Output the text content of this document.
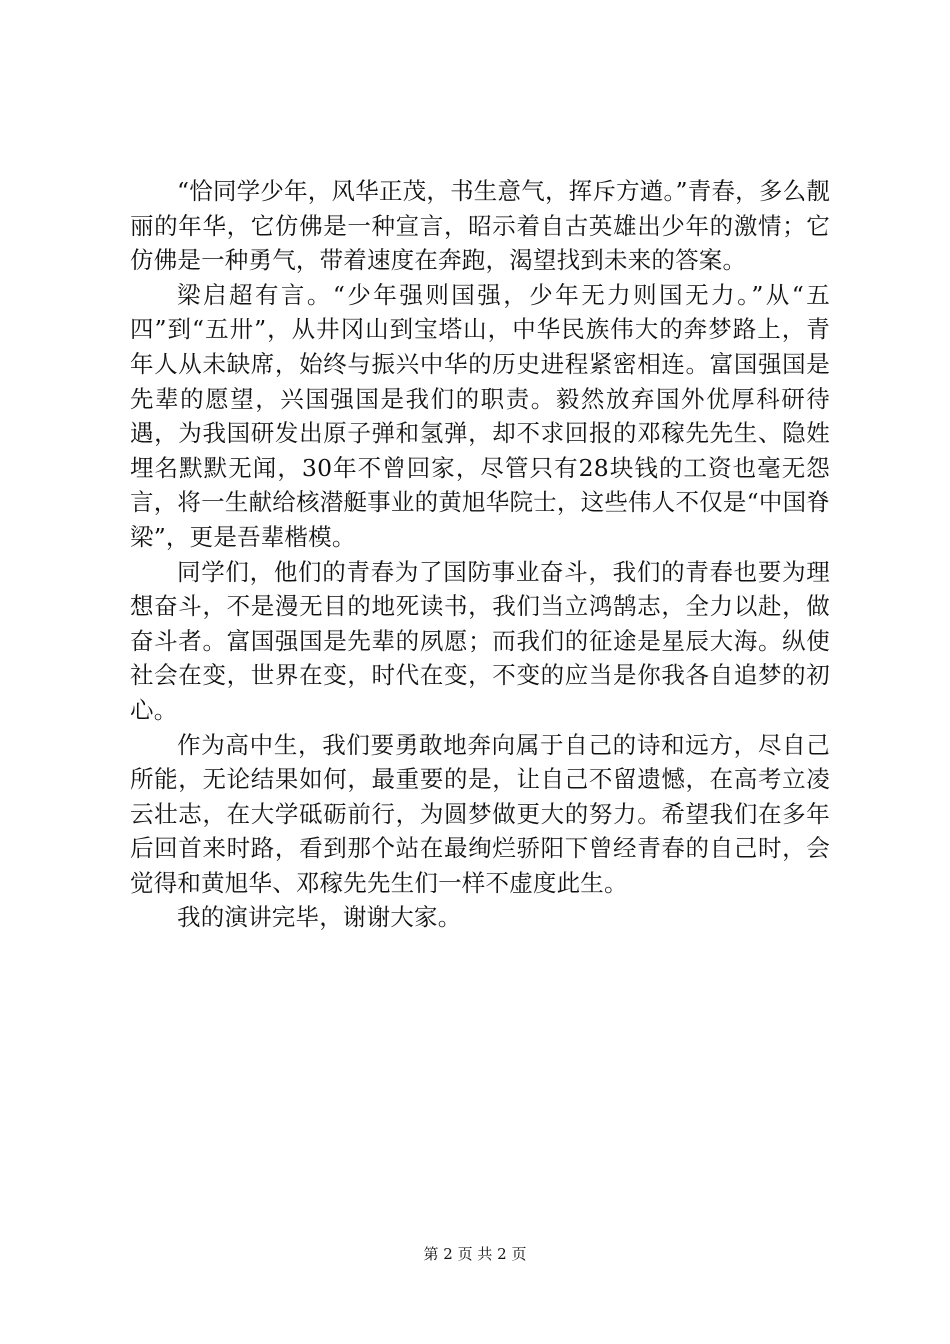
“恰同学少年，风华正茂，书生意气，挥斥方遒。”青春，多么靓丽的年华，它仿佛是一种宣言，昭示着自古英雄出少年的激情；它仿佛是一种勇气，带着速度在奔跑，渴望找到未来的答案。

梁启超有言。“少年强则国强，少年无力则国无力。”从“五四”到“五卅”，从井冈山到宝塔山，中华民族伟大的奔梦路上，青年人从未缺席，始终与振兴中华的历史进程紧密相连。富国强国是先辈的愿望，兴国强国是我们的职责。毅然放弃国外优厚科研待遇，为我国研发出原子弹和氢弹，却不求回报的邓稼先先生、隐姓埋名默默无闻，30年不曾回家，尽管只有28块钱的工资也毫无怨言，将一生献给核潜艇事业的黄旭华院士，这些伟人不仅是“中国脊梁”，更是吾辈楷模。

同学们，他们的青春为了国防事业奋斗，我们的青春也要为理想奋斗，不是漫无目的地死读书，我们当立鸿鹄志，全力以赴，做奋斗者。富国强国是先辈的夙愿；而我们的征途是星辰大海。纵使社会在变，世界在变，时代在变，不变的应当是你我各自追梦的初心。

作为高中生，我们要勇敢地奔向属于自己的诗和远方，尽自己所能，无论结果如何，最重要的是，让自己不留遗憾，在高考立凌云壮志，在大学砥砺前行，为圆梦做更大的努力。希望我们在多年后回首来时路，看到那个站在最绚烂骄阳下曾经青春的自己时，会觉得和黄旭华、邓稼先先生们一样不虚度此生。

我的演讲完毕，谢谢大家。

第 2 页 共 2 页
